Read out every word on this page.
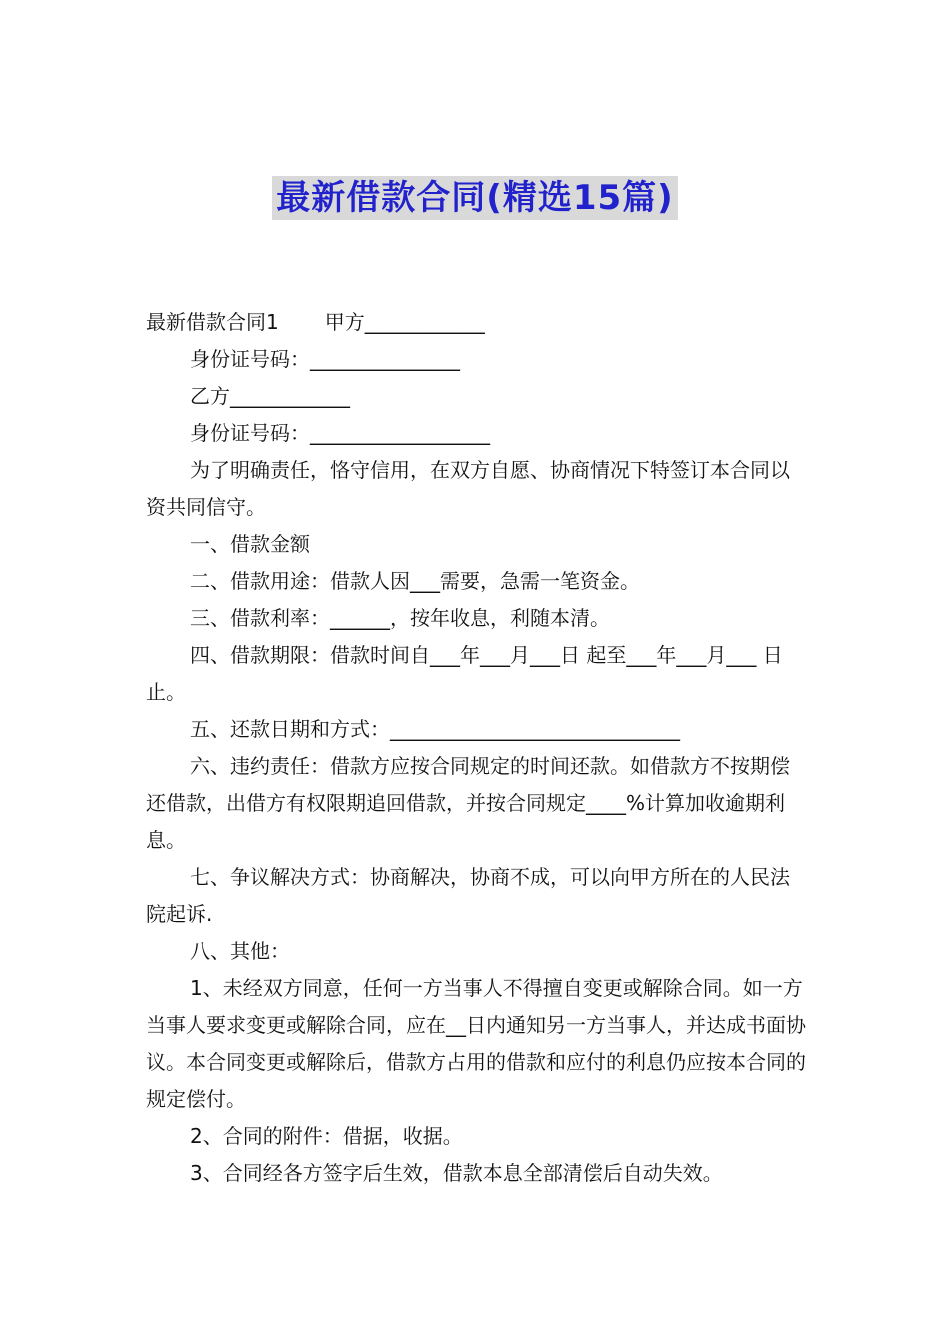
最新借款合同(精选15篇)

最新借款合同1 甲方____________

身份证号码：_______________

乙方____________

身份证号码：__________________

为了明确责任，恪守信用，在双方自愿、协商情况下特签订本合同以资共同信守。

一、借款金额

二、借款用途：借款人因___需要，急需一笔资金。

三、借款利率：______，按年收息，利随本清。

四、借款期限：借款时间自___年___月___日 起至___年___月___ 日止。

五、还款日期和方式：_____________________________

六、违约责任：借款方应按合同规定的时间还款。如借款方不按期偿还借款，出借方有权限期追回借款，并按合同规定____%计算加收逾期利息。

七、争议解决方式：协商解决，协商不成，可以向甲方所在的人民法院起诉.

八、其他：

1、未经双方同意，任何一方当事人不得擅自变更或解除合同。如一方当事人要求变更或解除合同，应在__日内通知另一方当事人，并达成书面协议。本合同变更或解除后，借款方占用的借款和应付的利息仍应按本合同的规定偿付。

2、合同的附件：借据，收据。

3、合同经各方签字后生效，借款本息全部清偿后自动失效。
